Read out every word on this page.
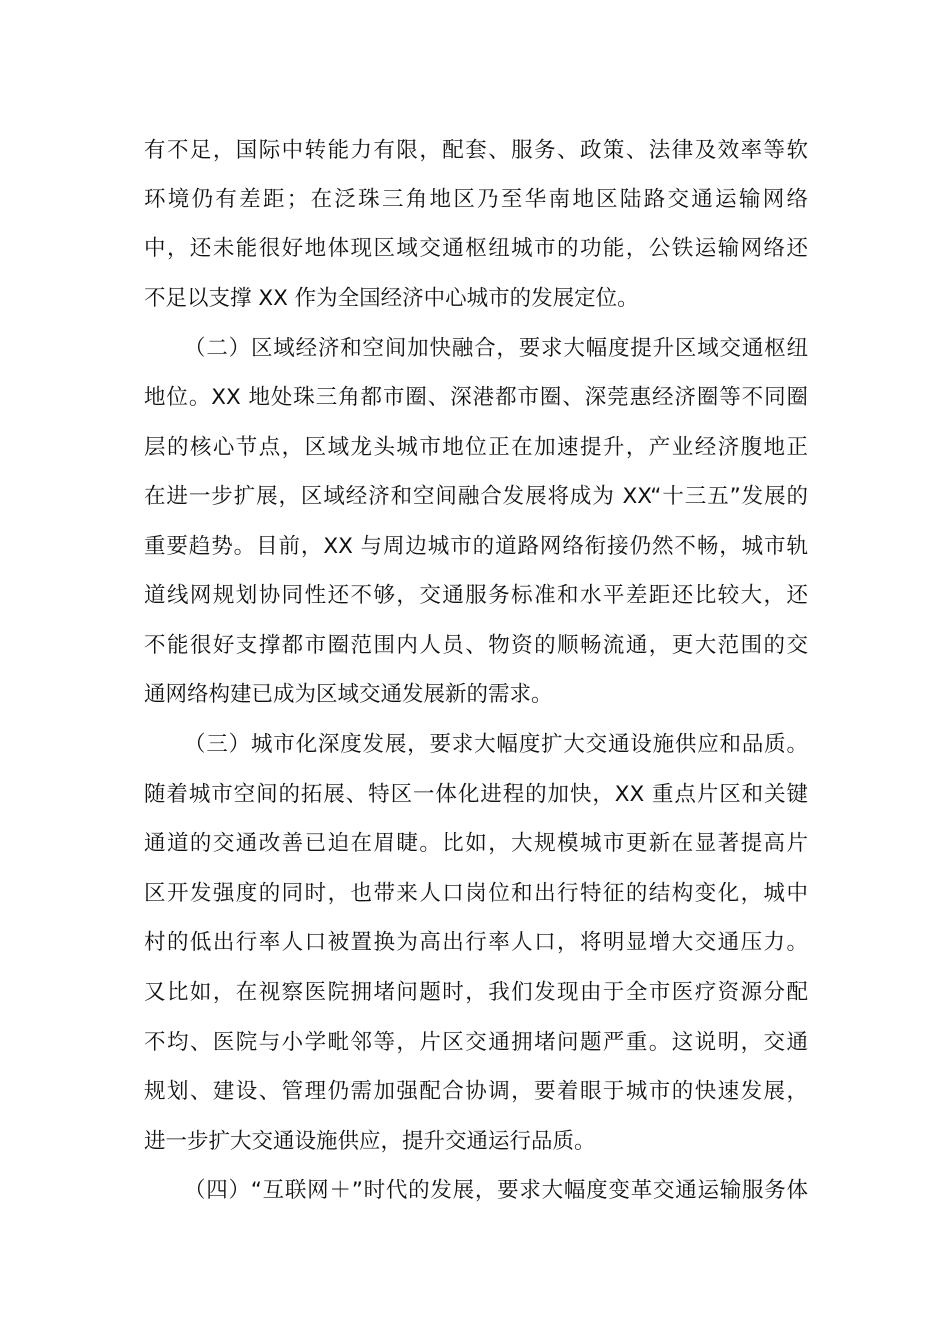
有不足，国际中转能力有限，配套、服务、政策、法律及效率等软
环境仍有差距；在泛珠三角地区乃至华南地区陆路交通运输网络
中，还未能很好地体现区域交通枢纽城市的功能，公铁运输网络还
不足以支撑 XX 作为全国经济中心城市的发展定位。
（二）区域经济和空间加快融合，要求大幅度提升区域交通枢纽
地位。XX 地处珠三角都市圈、深港都市圈、深莞惠经济圈等不同圈
层的核心节点，区域龙头城市地位正在加速提升，产业经济腹地正
在进一步扩展，区域经济和空间融合发展将成为 XX“十三五”发展的
重要趋势。目前，XX 与周边城市的道路网络衔接仍然不畅，城市轨
道线网规划协同性还不够，交通服务标准和水平差距还比较大，还
不能很好支撑都市圈范围内人员、物资的顺畅流通，更大范围的交
通网络构建已成为区域交通发展新的需求。
（三）城市化深度发展，要求大幅度扩大交通设施供应和品质。
随着城市空间的拓展、特区一体化进程的加快，XX 重点片区和关键
通道的交通改善已迫在眉睫。比如，大规模城市更新在显著提高片
区开发强度的同时，也带来人口岗位和出行特征的结构变化，城中
村的低出行率人口被置换为高出行率人口，将明显增大交通压力。
又比如，在视察医院拥堵问题时，我们发现由于全市医疗资源分配
不均、医院与小学毗邻等，片区交通拥堵问题严重。这说明，交通
规划、建设、管理仍需加强配合协调，要着眼于城市的快速发展，
进一步扩大交通设施供应，提升交通运行品质。
（四）“互联网＋”时代的发展，要求大幅度变革交通运输服务体
